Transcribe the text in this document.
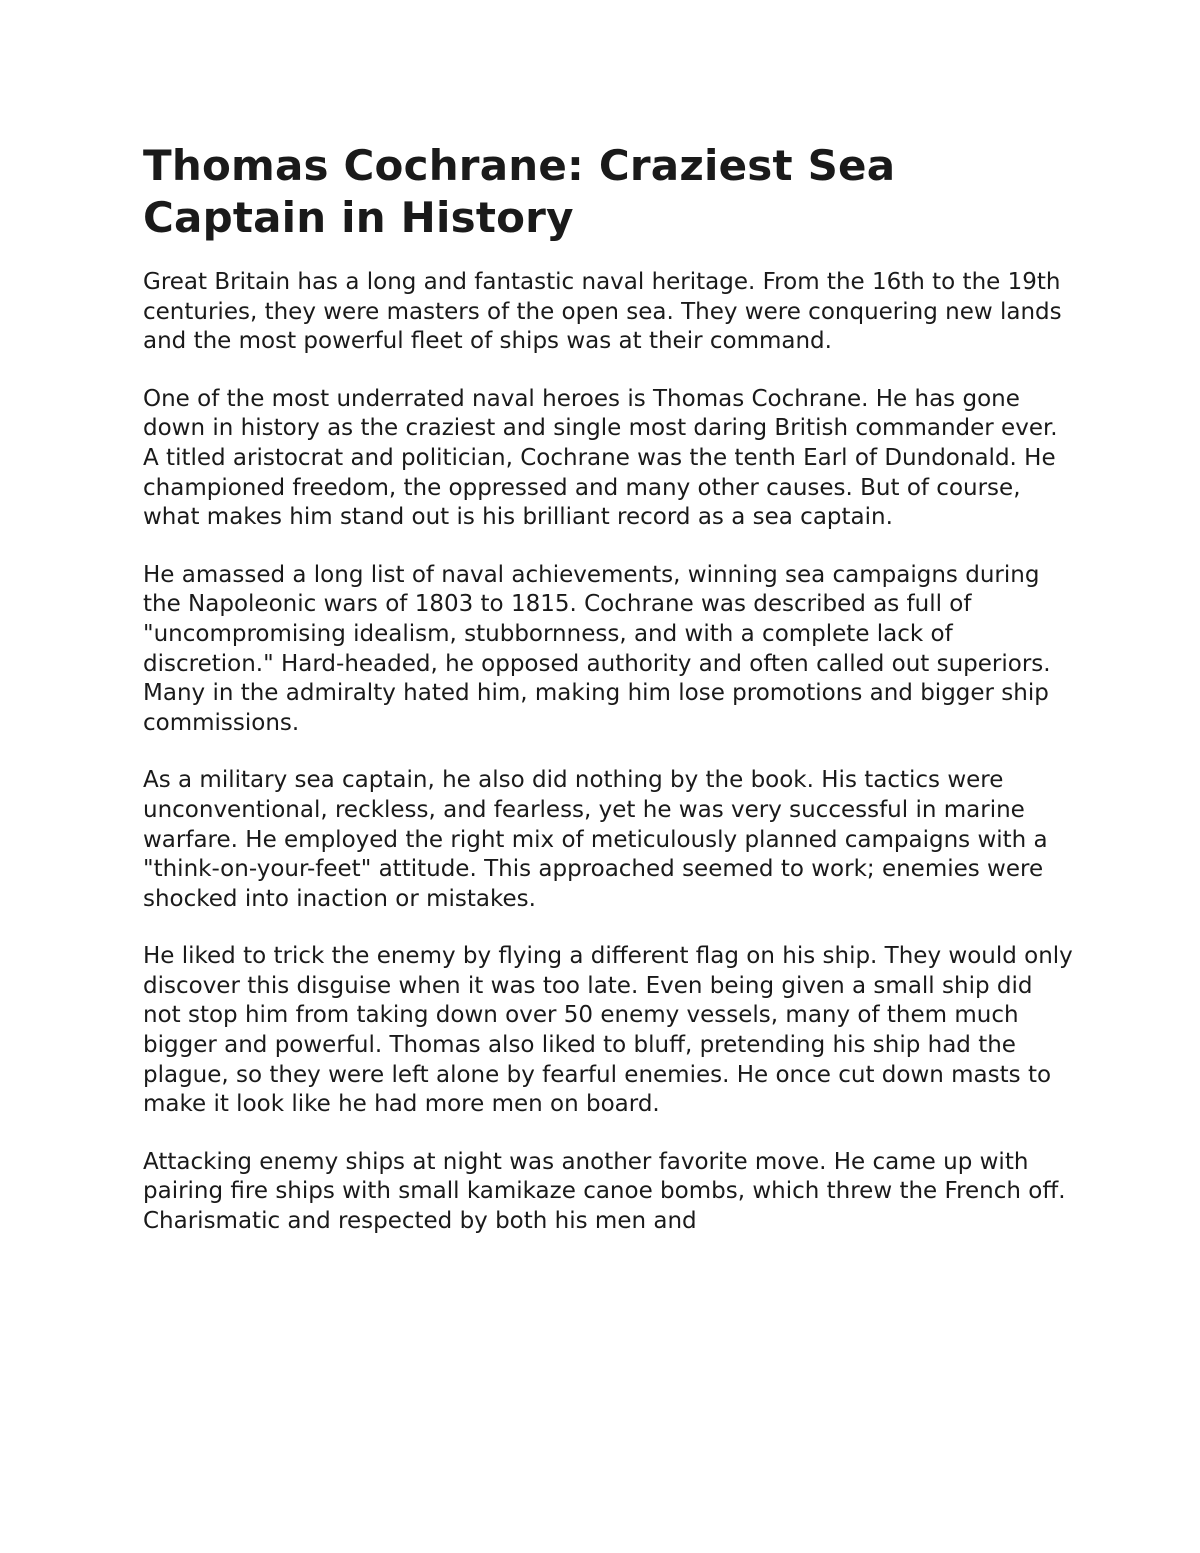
Thomas Cochrane: Craziest Sea Captain in History

Great Britain has a long and fantastic naval heritage. From the 16th to the 19th centuries, they were masters of the open sea. They were conquering new lands and the most powerful fleet of ships was at their command.

One of the most underrated naval heroes is Thomas Cochrane. He has gone down in history as the craziest and single most daring British commander ever. A titled aristocrat and politician, Cochrane was the tenth Earl of Dundonald. He championed freedom, the oppressed and many other causes. But of course, what makes him stand out is his brilliant record as a sea captain.

He amassed a long list of naval achievements, winning sea campaigns during the Napoleonic wars of 1803 to 1815. Cochrane was described as full of "uncompromising idealism, stubbornness, and with a complete lack of discretion." Hard-headed, he opposed authority and often called out superiors. Many in the admiralty hated him, making him lose promotions and bigger ship commissions.

As a military sea captain, he also did nothing by the book. His tactics were unconventional, reckless, and fearless, yet he was very successful in marine warfare. He employed the right mix of meticulously planned campaigns with a "think-on-your-feet" attitude. This approached seemed to work; enemies were shocked into inaction or mistakes.

He liked to trick the enemy by flying a different flag on his ship. They would only discover this disguise when it was too late. Even being given a small ship did not stop him from taking down over 50 enemy vessels, many of them much bigger and powerful. Thomas also liked to bluff, pretending his ship had the plague, so they were left alone by fearful enemies. He once cut down masts to make it look like he had more men on board.

Attacking enemy ships at night was another favorite move. He came up with pairing fire ships with small kamikaze canoe bombs, which threw the French off. Charismatic and respected by both his men and
